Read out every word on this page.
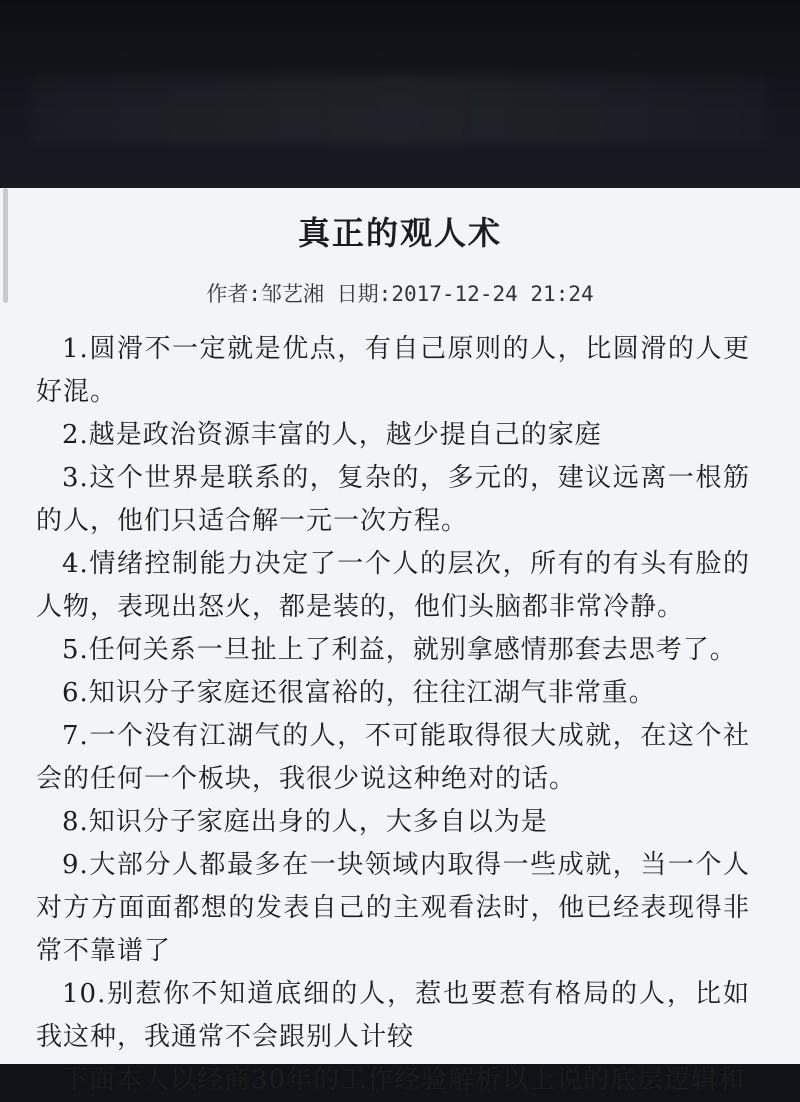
真正的观人术
作者:邹艺湘 日期:2017-12-24 21:24

1.圆滑不一定就是优点，有自己原则的人，比圆滑的人更好混。

2.越是政治资源丰富的人，越少提自己的家庭

3.这个世界是联系的，复杂的，多元的，建议远离一根筋的人，他们只适合解一元一次方程。

4.情绪控制能力决定了一个人的层次，所有的有头有脸的人物，表现出怒火，都是装的，他们头脑都非常冷静。

5.任何关系一旦扯上了利益，就别拿感情那套去思考了。

6.知识分子家庭还很富裕的，往往江湖气非常重。

7.一个没有江湖气的人，不可能取得很大成就，在这个社会的任何一个板块，我很少说这种绝对的话。

8.知识分子家庭出身的人，大多自以为是

9.大部分人都最多在一块领域内取得一些成就，当一个人对方方面面都想的发表自己的主观看法时，他已经表现得非常不靠谱了

10.别惹你不知道底细的人，惹也要惹有格局的人，比如我这种，我通常不会跟别人计较

下面本人以经商30年的工作经验解析以上说的底层逻辑和
